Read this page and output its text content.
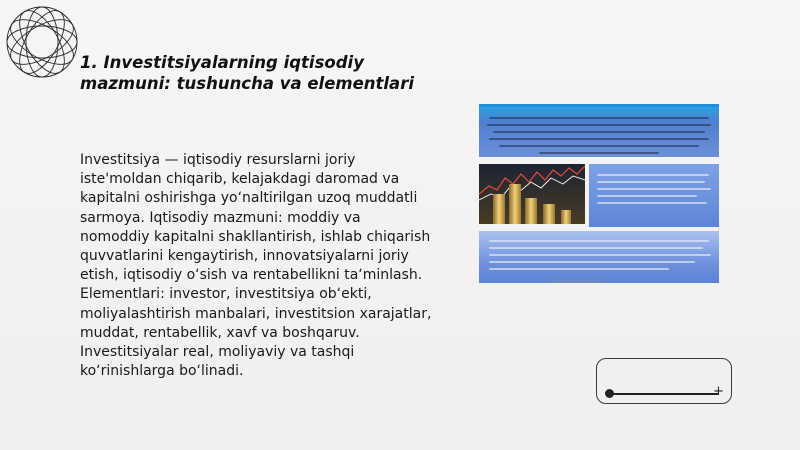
1. Investitsiyalarning iqtisodiy mazmuni: tushuncha va elementlari
Investitsiya — iqtisodiy resurslarni joriy iste'moldan chiqarib, kelajakdagi daromad va kapitalni oshirishga yo‘naltirilgan uzoq muddatli sarmoya. Iqtisodiy mazmuni: moddiy va nomoddiy kapitalni shakllantirish, ishlab chiqarish quvvatlarini kengaytirish, innovatsiyalarni joriy etish, iqtisodiy o‘sish va rentabellikni ta‘minlash. Elementlari: investor, investitsiya ob‘ekti, moliyalashtirish manbalari, investitsion xarajatlar, muddat, rentabellik, xavf va boshqaruv. Investitsiyalar real, moliyaviy va tashqi ko‘rinishlarga bo‘linadi.
+
